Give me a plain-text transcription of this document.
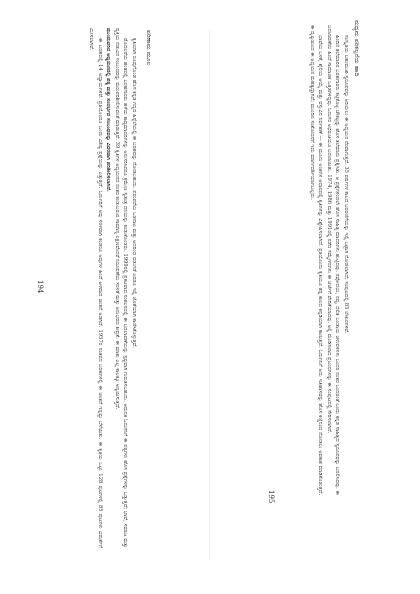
ಪರಿಣಾಮ ಮೂಲ
194	ಕೃತಿಯಾಗಿ ರೂಪುಗೊಂಡ ಹೊಸ ಕನ್ನಡ ಗದ್ಯದ ಹಿನ್ನೆಲೆಯಲ್ಲಿ ಈ ಬರಹವನ್ನು ನೋಡಬಹುದು. ಪರಂಪರೆಯ ಒಡನಾಟ ಮತ್ತು ಅದರಿಂದ ಬಿಡುಗಡೆ ಎರಡೂ ಇಲ್ಲಿ ಜೊತೆಯಾಗಿ ಕಾಣಿಸಿಕೊಳ್ಳುತ್ತವೆ.

ಮೊದಲನೆಯ ಹಂತದಲ್ಲಿ ಬರಹಗಾರರು ಹಳೆಯ ಕಾವ್ಯಮಾದರಿಗಳನ್ನು ಅನುಸರಿಸಿದರೂ ಕ್ರಮೇಣ ಸ್ವತಂತ್ರ ದನಿಯನ್ನು ಕಂಡುಕೊಂಡರು. 1999ರಲ್ಲಿ ಪ್ರಕಟವಾದ ಸಂಕಲನದಲ್ಲಿ ಈ ಬದಲಾವಣೆಯನ್ನು ಸ್ಪಷ್ಟವಾಗಿ ಗುರುತಿಸಬಹುದು. ಆಧುನಿಕ ಓದುಗನಿಗೆ ಈ ಪಠ್ಯಗಳು ಹೊಸ ಪ್ರಶ್ನೆಗಳನ್ನು ಒಡ್ಡುತ್ತವೆ; ಭಾಷೆ, ಸಮಾಜ ಮತ್ತು ವ್ಯಕ್ತಿಯ ನಡುವಿನ ಸಂಬಂಧವನ್ನು ಮರುಪರಿಶೀಲಿಸುವಂತೆ ಮಾಡುತ್ತವೆ. 39 ಕೃತಿಗಳ ಅಧ್ಯಯನದ ನಂತರ ಕಂಡುಬರುವ ಸಾಮಾನ್ಯ ಲಕ್ಷಣವೆಂದರೆ ನಿರೂಪಣೆಯ ಸರಳತೆ ಮತ್ತು ಅನುಭವದ ತೀವ್ರತೆ. ಈ ಮಾತು ಎಲ್ಲ ಕಾಲಕ್ಕೂ ಅನ್ವಯಿಸುತ್ತದೆ.

ಮುಂದುವರಿದ ಅಧ್ಯಯನದಲ್ಲಿ ಪಠ್ಯ ಮತ್ತು ಸಂದರ್ಭದ ಸಂಬಂಧವನ್ನು ವಿವರವಾಗಿ ಪರಿಶೀಲಿಸಲಾಗಿದೆ.

ಈ ಬರಹದಲ್ಲಿ 14 ಅಧ್ಯಾಯಗಳಿವೆ. ಪ್ರತಿಯೊಂದೂ ಒಂದು ವಿಶಿಷ್ಟ ಪ್ರಶ್ನೆಯನ್ನು ಎತ್ತುತ್ತದೆ. ಓದುಗರಿಗೆ ಅವು ಸರಳವಾಗಿ ಕಂಡರೂ ಅವುಗಳ ಹಿಂದೆ ಆಳವಾದ ಚಿಂತನೆ ಅಡಗಿದೆ. 1957ರ ನಂತರದ ಬರಹಗಳಲ್ಲಿ ಈ ಚಿಂತನೆ ಇನ್ನಷ್ಟು ಬೆಳೆಯಿತು. ಈ ಕೃತಿಯ ಒಟ್ಟು 128 ಪುಟಗಳಲ್ಲಿ 85 ಪುಟಗಳು ವಿಮರ್ಶೆಗೆ ಮೀಸಲಾಗಿವೆ.	ಮಧ್ಯಮ ಪರಿಕಲ್ಪನೆಯ ಹಾದಿ
195

ಸಂಸ್ಕೃತಿಯ ಬಹುಮುಖಿ ಸ್ವರೂಪವನ್ನು ಅರಿಯಲು ಈ ಅಧ್ಯಯನ ನೆರವಾಗುತ್ತದೆ. 35 ವರ್ಷಗಳ ಕಾಲದ ಬರವಣಿಗೆಯನ್ನು ಇಲ್ಲಿ ಒಟ್ಟಾಗಿ ನೋಡಲಾಗಿದೆ; ಸಂಪುಟದಲ್ಲಿ 85 ಲೇಖನಗಳಿವೆ.

ಹಿಂದಿನ ತಲೆಮಾರಿನ ಬರಹಗಾರರು ಕಟ್ಟಿಕೊಟ್ಟ ಚೌಕಟ್ಟನ್ನು ಹೊಸ ತಲೆಮಾರು ಪ್ರಶ್ನಿಸಿತು. ಆ ಪ್ರಶ್ನೆಗಳಿಂದಲೇ ಹೊಸ ಸಾಹಿತ್ಯ ಮಾದರಿಗಳು ಹುಟ್ಟಿದವು. ನವೋದಯ, ನವ್ಯ, ದಲಿತ ಬಂಡಾಯ ಚಳುವಳಿಗಳು ಒಂದರ ನಂತರ ಒಂದರಂತೆ ಬಂದು ಕನ್ನಡ ಸಾಹಿತ್ಯದ ಸ್ವರೂಪವನ್ನು ಬದಲಿಸಿದವು. ಈ ಬದಲಾವಣೆಯ ಹಿಂದೆ ಸಾಮಾಜಿಕ ಒತ್ತಡಗಳಿದ್ದವು. ಓದುಗರ ಅಭಿರುಚಿಯೂ ಬದಲಾಯಿತು. 1974, 1986 ಮತ್ತು 1991ರಲ್ಲಿ ನಡೆದ ಸಮ್ಮೇಳನಗಳು ಈ ಚರ್ಚೆಗೆ ವೇದಿಕೆಯಾದವು. ಅಲ್ಲಿ ಮಂಡಿಸಲಾದ ಪ್ರಬಂಧಗಳನ್ನು ಈ ಸಂಪುಟದಲ್ಲಿ ಸೇರಿಸಲಾಗಿದೆ.

ಭಾಷೆಯ ಬಳಕೆ, ಶೈಲಿಯ ಆಯ್ಕೆ ಮತ್ತು ವಸ್ತುವಿನ ನಿರ್ವಹಣೆ — ಈ ಮೂರು ಅಂಶಗಳ ಆಧಾರದಲ್ಲಿ ಕೃತಿಗಳನ್ನು ವಿಶ್ಲೇಷಿಸಲಾಗಿದೆ. ಪ್ರತಿಯೊಂದು ಕೃತಿಯೂ ತನ್ನ ಕಾಲದ ಕನ್ನಡಿಯಾಗಿ ಕಾಣುತ್ತದೆ. ಓದುಗನಿಗೆ ಅದು ಇತಿಹಾಸವನ್ನು ಹೊಸ ಕಣ್ಣಿನಿಂದ ನೋಡಲು ಅವಕಾಶ ಮಾಡಿಕೊಡುತ್ತದೆ. ಈ ದೃಷ್ಟಿಯಿಂದ ಈ ಅಧ್ಯಯನ ಮಹತ್ವದ್ದಾಗಿದೆ; ಮುಂದಿನ ಸಂಶೋಧನೆಗೆ ಇದು ಮಾರ್ಗದರ್ಶಿಯಾಗಬಲ್ಲದು.
